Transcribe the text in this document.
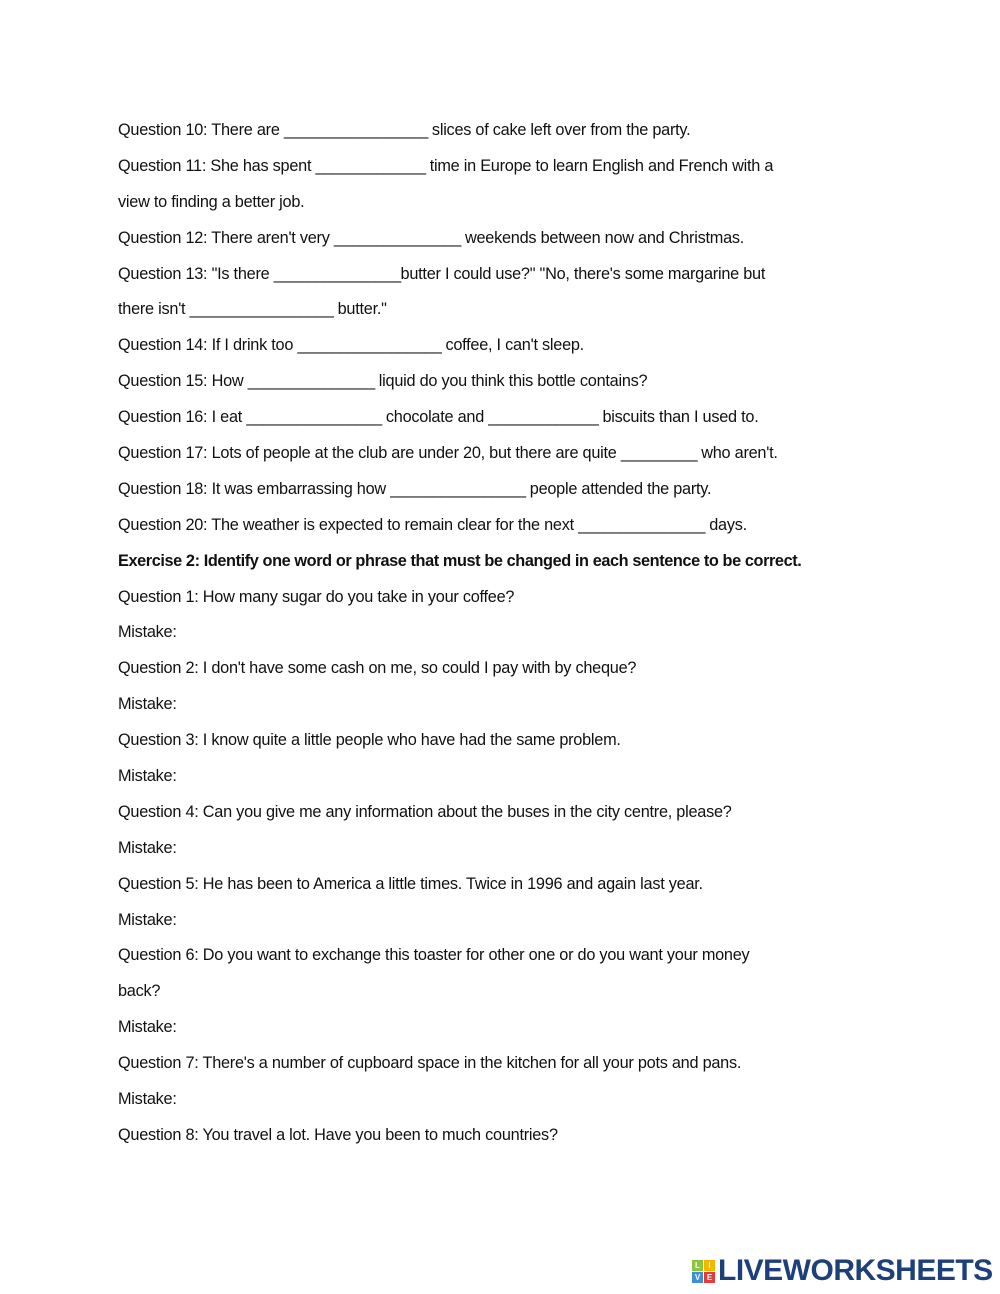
Question 10: There are _________________ slices of cake left over from the party.
Question 11: She has spent _____________ time in Europe to learn English and French with a
view to finding a better job.
Question 12: There aren't very _______________ weekends between now and Christmas.
Question 13: "Is there _______________butter I could use?" "No, there's some margarine but
there isn't _________________ butter."
Question 14: If I drink too _________________ coffee, I can't sleep.
Question 15: How _______________ liquid do you think this bottle contains?
Question 16: I eat ________________ chocolate and _____________ biscuits than I used to.
Question 17: Lots of people at the club are under 20, but there are quite _________ who aren't.
Question 18: It was embarrassing how ________________ people attended the party.
Question 20: The weather is expected to remain clear for the next _______________ days.
Exercise 2: Identify one word or phrase that must be changed in each sentence to be correct.
Question 1: How many sugar do you take in your coffee?
Mistake:
Question 2: I don't have some cash on me, so could I pay with by cheque?
Mistake:
Question 3: I know quite a little people who have had the same problem.
Mistake:
Question 4: Can you give me any information about the buses in the city centre, please?
Mistake:
Question 5: He has been to America a little times. Twice in 1996 and again last year.
Mistake:
Question 6: Do you want to exchange this toaster for other one or do you want your money
back?
Mistake:
Question 7: There's a number of cupboard space in the kitchen for all your pots and pans.
Mistake:
Question 8: You travel a lot. Have you been to much countries?
L	I
V E LIVEWORKSHEETS
